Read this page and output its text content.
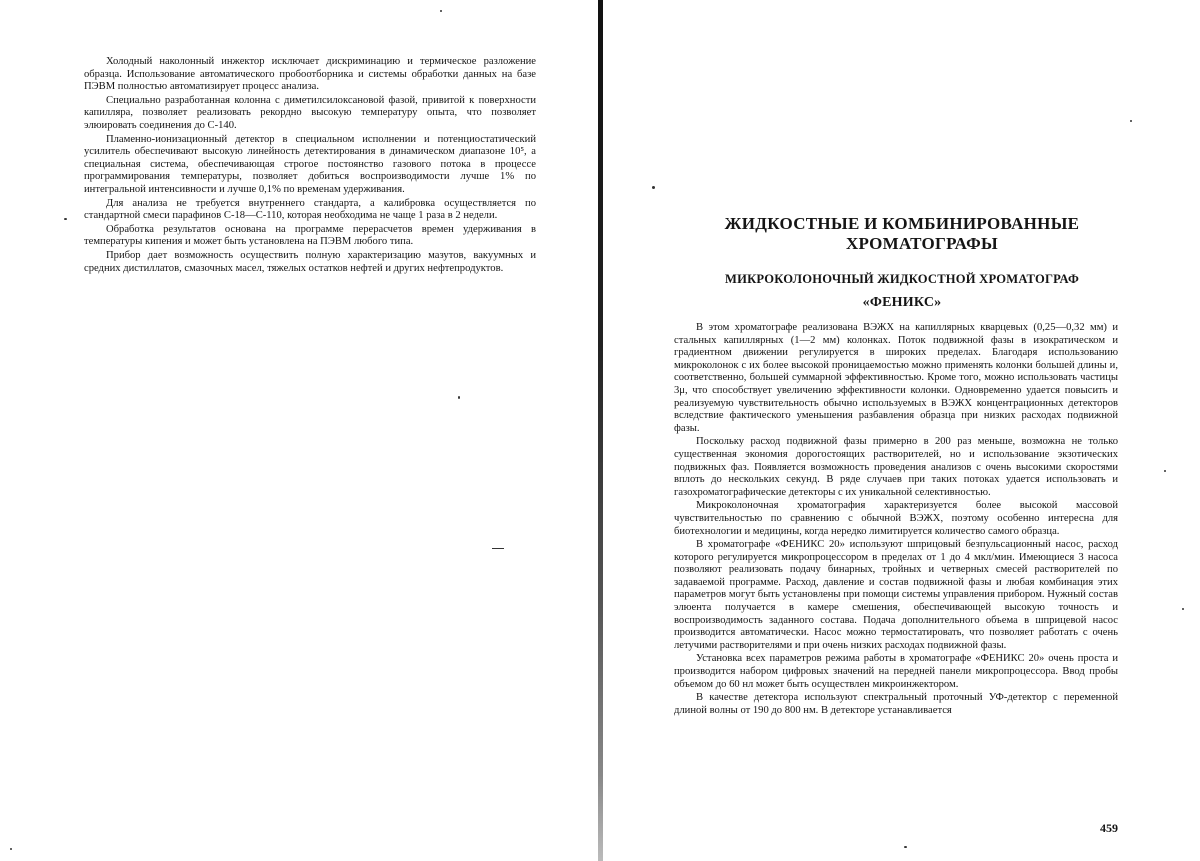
Холодный наколонный инжектор исключает дискриминацию и термическое разложение образца. Использование автоматического пробоотборника и системы обработки данных на базе ПЭВМ полностью автоматизирует процесс анализа.

Специально разработанная колонна с диметилсилоксановой фазой, привитой к поверхности капилляра, позволяет реализовать рекордно высокую температуру опыта, что позволяет элюировать соединения до С-140.

Пламенно-ионизационный детектор в специальном исполнении и потенциостатический усилитель обеспечивают высокую линейность детектирования в динамическом диапазоне 10⁵, а специальная система, обеспечивающая строгое постоянство газового потока в процессе программирования температуры, позволяет добиться воспроизводимости лучше 1% по интегральной интенсивности и лучше 0,1% по временам удерживания.

Для анализа не требуется внутреннего стандарта, а калибровка осуществляется по стандартной смеси парафинов С-18—С-110, которая необходима не чаще 1 раза в 2 недели.

Обработка результатов основана на программе перерасчетов времен удерживания в температуры кипения и может быть установлена на ПЭВМ любого типа.

Прибор дает возможность осуществить полную характеризацию мазутов, вакуумных и средних дистиллатов, смазочных масел, тяжелых остатков нефтей и других нефтепродуктов.

ЖИДКОСТНЫЕ И КОМБИНИРОВАННЫЕ
ХРОМАТОГРАФЫ
МИКРОКОЛОНОЧНЫЙ ЖИДКОСТНОЙ ХРОМАТОГРАФ
«ФЕНИКС»

В этом хроматографе реализована ВЭЖХ на капиллярных кварцевых (0,25—0,32 мм) и стальных капиллярных (1—2 мм) колонках. Поток подвижной фазы в изократическом и градиентном движении регулируется в широких пределах. Благодаря использованию микроколонок с их более высокой проницаемостью можно применять колонки большей длины и, соответственно, большей суммарной эффективностью. Кроме того, можно использовать частицы 3μ, что способствует увеличению эффективности колонки. Одновременно удается повысить и реализуемую чувствительность обычно используемых в ВЭЖХ концентрационных детекторов вследствие фактического уменьшения разбавления образца при низких расходах подвижной фазы.

Поскольку расход подвижной фазы примерно в 200 раз меньше, возможна не только существенная экономия дорогостоящих растворителей, но и использование экзотических подвижных фаз. Появляется возможность проведения анализов с очень высокими скоростями вплоть до нескольких секунд. В ряде случаев при таких потоках удается использовать и газохроматографические детекторы с их уникальной селективностью.

Микроколоночная хроматография характеризуется более высокой массовой чувствительностью по сравнению с обычной ВЭЖХ, поэтому особенно интересна для биотехнологии и медицины, когда нередко лимитируется количество самого образца.

В хроматографе «ФЕНИКС 20» используют шприцовый безпульсационный насос, расход которого регулируется микропроцессором в пределах от 1 до 4 мкл/мин. Имеющиеся 3 насоса позволяют реализовать подачу бинарных, тройных и четверных смесей растворителей по задаваемой программе. Расход, давление и состав подвижной фазы и любая комбинация этих параметров могут быть установлены при помощи системы управления прибором. Нужный состав элюента получается в камере смешения, обеспечивающей высокую точность и воспроизводимость заданного состава. Подача дополнительного объема в шприцевой насос производится автоматически. Насос можно термостатировать, что позволяет работать с очень летучими растворителями и при очень низких расходах подвижной фазы.

Установка всех параметров режима работы в хроматографе «ФЕНИКС 20» очень проста и производится набором цифровых значений на передней панели микропроцессора. Ввод пробы объемом до 60 нл может быть осуществлен микроинжектором.

В качестве детектора используют спектральный проточный УФ-детектор с переменной длиной волны от 190 до 800 нм. В детекторе устанавливается

459
